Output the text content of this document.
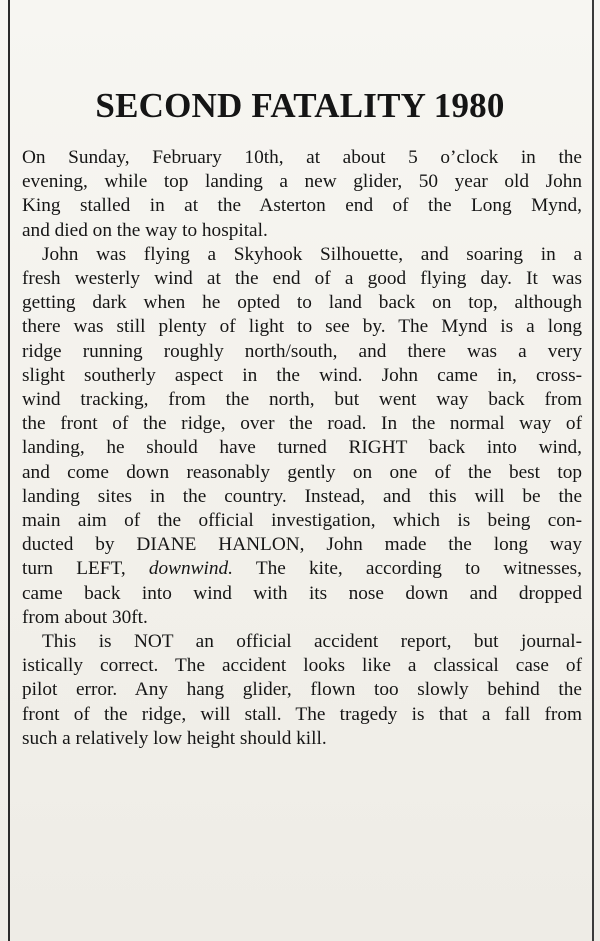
SECOND FATALITY 1980
On Sunday, February 10th, at about 5 o’clock in the
evening, while top landing a new glider, 50 year old John
King stalled in at the Asterton end of the Long Mynd,
and died on the way to hospital.
John was flying a Skyhook Silhouette, and soaring in a
fresh westerly wind at the end of a good flying day. It was
getting dark when he opted to land back on top, although
there was still plenty of light to see by. The Mynd is a long
ridge running roughly north/south, and there was a very
slight southerly aspect in the wind. John came in, cross-
wind tracking, from the north, but went way back from
the front of the ridge, over the road. In the normal way of
landing, he should have turned RIGHT back into wind,
and come down reasonably gently on one of the best top
landing sites in the country. Instead, and this will be the
main aim of the official investigation, which is being con-
ducted by DIANE HANLON, John made the long way
turn LEFT, downwind. The kite, according to witnesses,
came back into wind with its nose down and dropped
from about 30ft.
This is NOT an official accident report, but journal-
istically correct. The accident looks like a classical case of
pilot error. Any hang glider, flown too slowly behind the
front of the ridge, will stall. The tragedy is that a fall from
such a relatively low height should kill.
